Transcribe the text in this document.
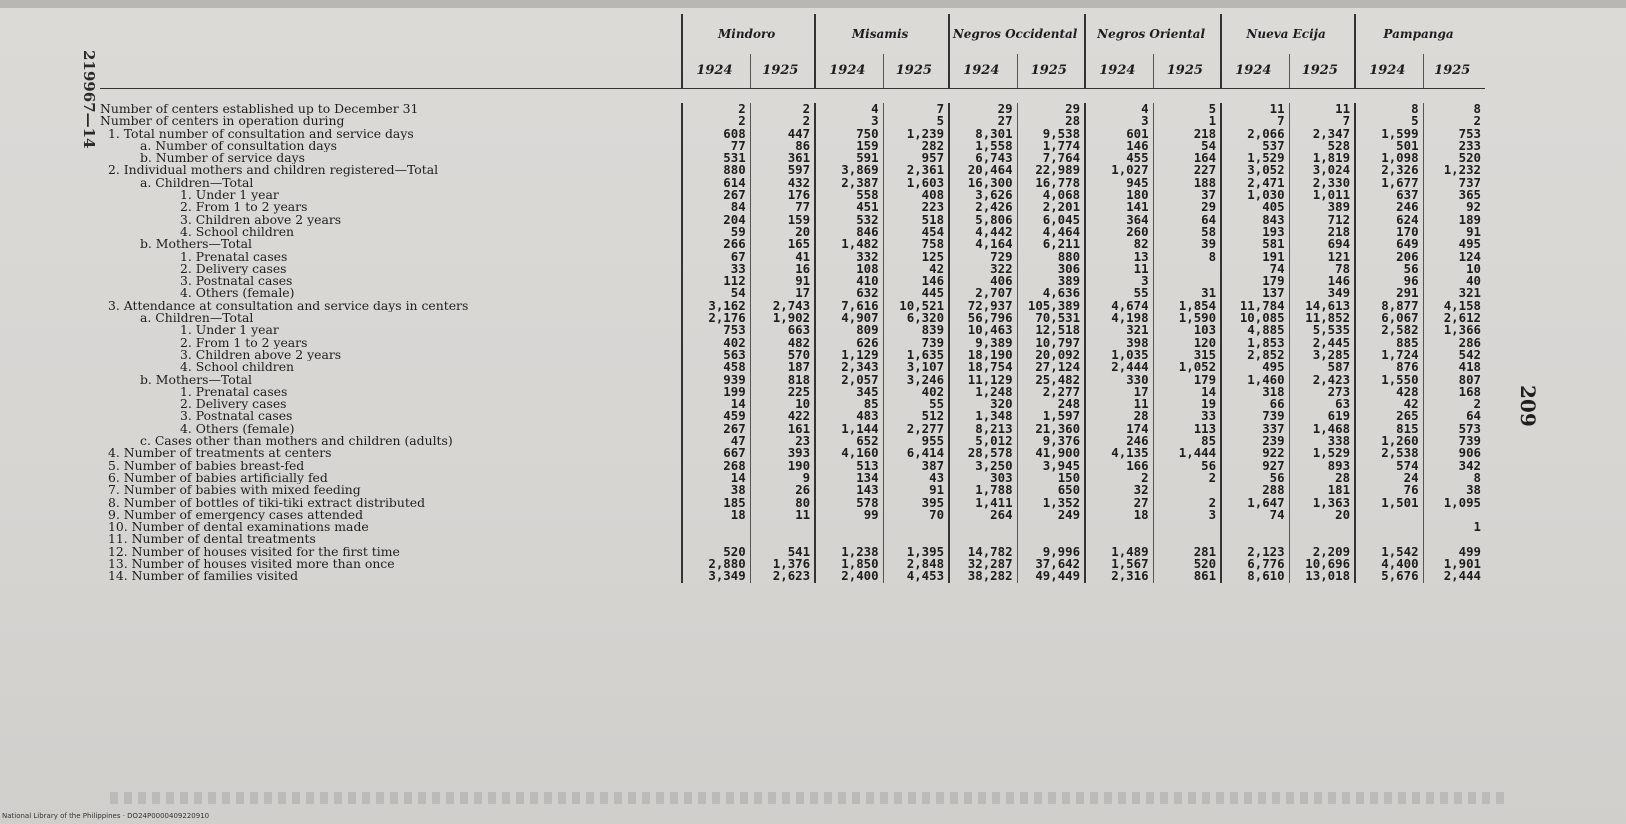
219967—14
209
	Mindoro		Misamis		Negros Occidental		Negros Oriental		Nueva Ecija		Pampanga	
	1924	1925	1924	1925	1924	1925	1924	1925	1924	1925	1924	1925

Number of centers established up to December 31	2	2	4	7	29	29	4	5	11	11	8	8
Number of centers in operation during	2	2	3	5	27	28	3	1	7	7	5	2
1. Total number of consultation and service days	608	447	750	1,239	8,301	9,538	601	218	2,066	2,347	1,599	753
a. Number of consultation days	77	86	159	282	1,558	1,774	146	54	537	528	501	233
b. Number of service days	531	361	591	957	6,743	7,764	455	164	1,529	1,819	1,098	520
2. Individual mothers and children registered—Total	880	597	3,869	2,361	20,464	22,989	1,027	227	3,052	3,024	2,326	1,232
a. Children—Total	614	432	2,387	1,603	16,300	16,778	945	188	2,471	2,330	1,677	737
1. Under 1 year	267	176	558	408	3,626	4,068	180	37	1,030	1,011	637	365
2. From 1 to 2 years	84	77	451	223	2,426	2,201	141	29	405	389	246	92
3. Children above 2 years	204	159	532	518	5,806	6,045	364	64	843	712	624	189
4. School children	59	20	846	454	4,442	4,464	260	58	193	218	170	91
b. Mothers—Total	266	165	1,482	758	4,164	6,211	82	39	581	694	649	495
1. Prenatal cases	67	41	332	125	729	880	13	8	191	121	206	124
2. Delivery cases	33	16	108	42	322	306	11		74	78	56	10
3. Postnatal cases	112	91	410	146	406	389	3		179	146	96	40
4. Others (female)	54	17	632	445	2,707	4,636	55	31	137	349	291	321
3. Attendance at consultation and service days in centers	3,162	2,743	7,616	10,521	72,937	105,389	4,674	1,854	11,784	14,613	8,877	4,158
a. Children—Total	2,176	1,902	4,907	6,320	56,796	70,531	4,198	1,590	10,085	11,852	6,067	2,612
1. Under 1 year	753	663	809	839	10,463	12,518	321	103	4,885	5,535	2,582	1,366
2. From 1 to 2 years	402	482	626	739	9,389	10,797	398	120	1,853	2,445	885	286
3. Children above 2 years	563	570	1,129	1,635	18,190	20,092	1,035	315	2,852	3,285	1,724	542
4. School children	458	187	2,343	3,107	18,754	27,124	2,444	1,052	495	587	876	418
b. Mothers—Total	939	818	2,057	3,246	11,129	25,482	330	179	1,460	2,423	1,550	807
1. Prenatal cases	199	225	345	402	1,248	2,277	17	14	318	273	428	168
2. Delivery cases	14	10	85	55	320	248	11	19	66	63	42	2
3. Postnatal cases	459	422	483	512	1,348	1,597	28	33	739	619	265	64
4. Others (female)	267	161	1,144	2,277	8,213	21,360	174	113	337	1,468	815	573
c. Cases other than mothers and children (adults)	47	23	652	955	5,012	9,376	246	85	239	338	1,260	739
4. Number of treatments at centers	667	393	4,160	6,414	28,578	41,900	4,135	1,444	922	1,529	2,538	906
5. Number of babies breast-fed	268	190	513	387	3,250	3,945	166	56	927	893	574	342
6. Number of babies artificially fed	14	9	134	43	303	150	2	2	56	28	24	8
7. Number of babies with mixed feeding	38	26	143	91	1,788	650	32		288	181	76	38
8. Number of bottles of tiki-tiki extract distributed	185	80	578	395	1,411	1,352	27	2	1,647	1,363	1,501	1,095
9. Number of emergency cases attended	18	11	99	70	264	249	18	3	74	20		
10. Number of dental examinations made												1
11. Number of dental treatments												
12. Number of houses visited for the first time	520	541	1,238	1,395	14,782	9,996	1,489	281	2,123	2,209	1,542	499
13. Number of houses visited more than once	2,880	1,376	1,850	2,848	32,287	37,642	1,567	520	6,776	10,696	4,400	1,901
14. Number of families visited	3,349	2,623	2,400	4,453	38,282	49,449	2,316	861	8,610	13,018	5,676	2,444
National Library of the Philippines · DO24P0000409220910
